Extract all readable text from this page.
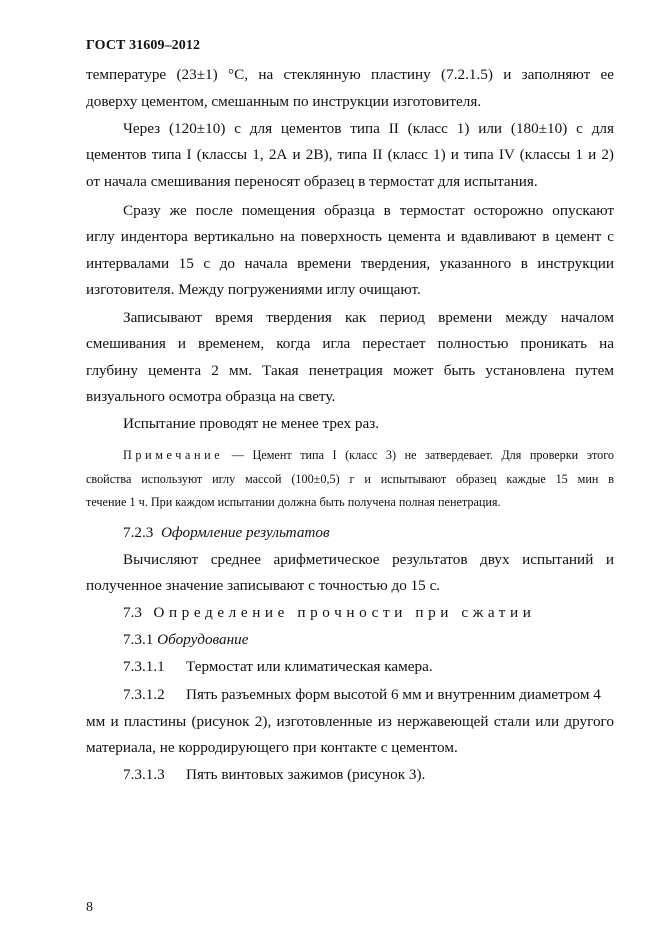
ГОСТ 31609–2012
температуре (23±1) °С, на стеклянную пластину (7.2.1.5) и заполняют ее
доверху цементом, смешанным по инструкции изготовителя.
Через (120±10) с для цементов типа II (класс 1) или (180±10) с для
цементов типа I (классы 1, 2А и 2В), типа II (класс 1) и типа IV (классы 1 и 2)
от начала смешивания переносят образец в термостат для испытания.
Сразу же после помещения образца в термостат осторожно опускают
иглу индентора вертикально на поверхность цемента и вдавливают в цемент с
интервалами 15 с до начала времени твердения, указанного в инструкции
изготовителя. Между погружениями иглу очищают.
Записывают время твердения как период времени между началом
смешивания и временем, когда игла перестает полностью проникать на
глубину цемента 2 мм. Такая пенетрация может быть установлена путем
визуального осмотра образца на свету.
Испытание проводят не менее трех раз.
Примечание — Цемент типа I (класс 3) не затвердевает. Для проверки этого
свойства используют иглу массой (100±0,5) г и испытывают образец каждые 15 мин в
течение 1 ч. При каждом испытании должна быть получена полная пенетрация.
7.2.3 Оформление результатов
Вычисляют среднее арифметическое результатов двух испытаний и
полученное значение записывают с точностью до 15 с.
7.3 Определение прочности при сжатии
7.3.1 Оборудование
7.3.1.1 Термостат или климатическая камера.
7.3.1.2 Пять разъемных форм высотой 6 мм и внутренним диаметром 4
мм и пластины (рисунок 2), изготовленные из нержавеющей стали или другого
материала, не корродирующего при контакте с цементом.
7.3.1.3 Пять винтовых зажимов (рисунок 3).
8
